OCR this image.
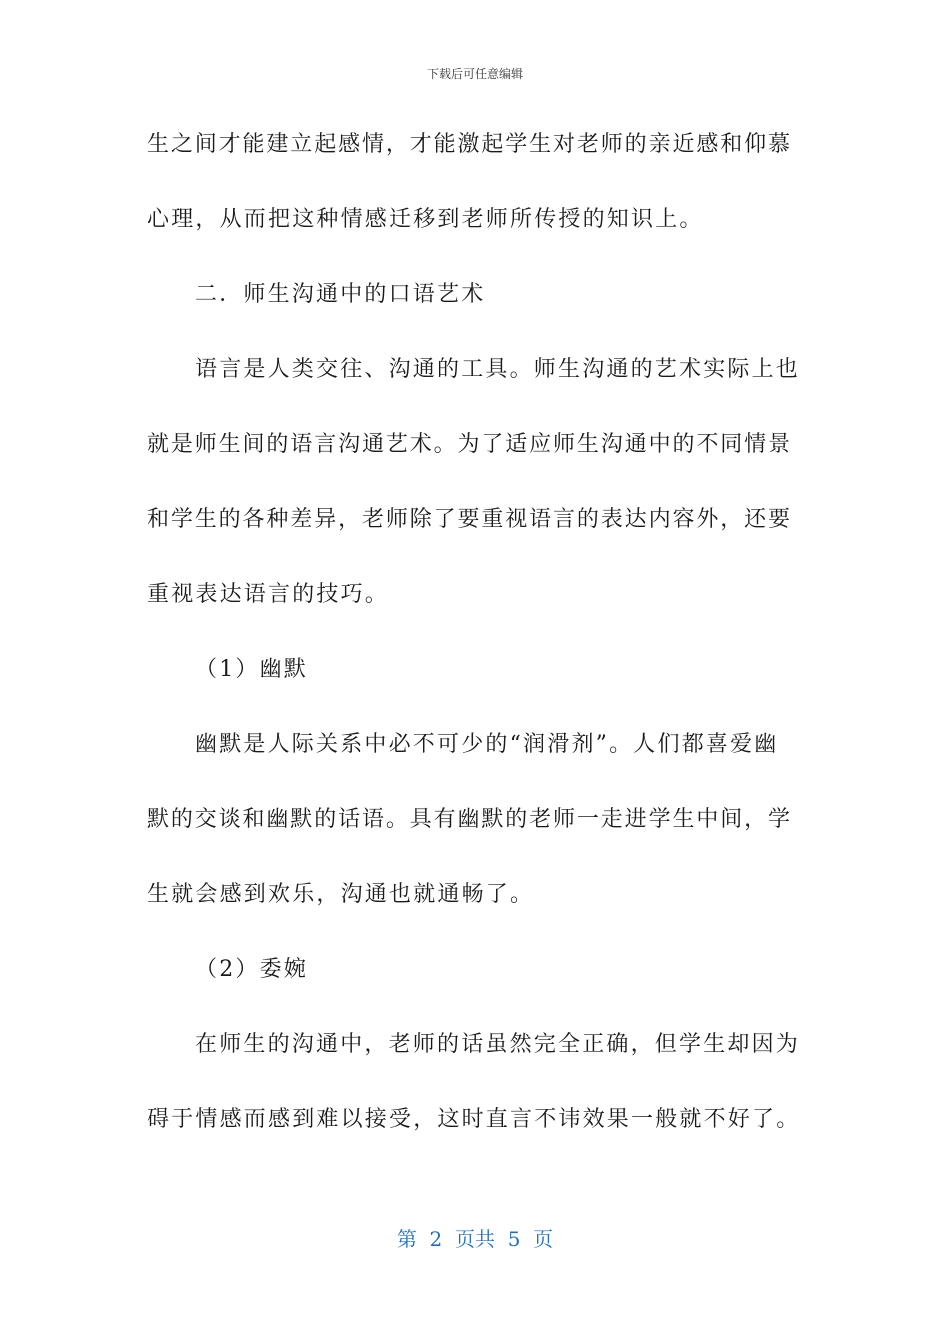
下载后可任意编辑
生之间才能建立起感情，才能激起学生对老师的亲近感和仰慕
心理，从而把这种情感迁移到老师所传授的知识上。
二．师生沟通中的口语艺术
语言是人类交往、沟通的工具。师生沟通的艺术实际上也
就是师生间的语言沟通艺术。为了适应师生沟通中的不同情景
和学生的各种差异，老师除了要重视语言的表达内容外，还要
重视表达语言的技巧。
（1）幽默
幽默是人际关系中必不可少的“润滑剂”。人们都喜爱幽
默的交谈和幽默的话语。具有幽默的老师一走进学生中间，学
生就会感到欢乐，沟通也就通畅了。
（2）委婉
在师生的沟通中，老师的话虽然完全正确，但学生却因为
碍于情感而感到难以接受，这时直言不讳效果一般就不好了。
第  2  页共  5  页
